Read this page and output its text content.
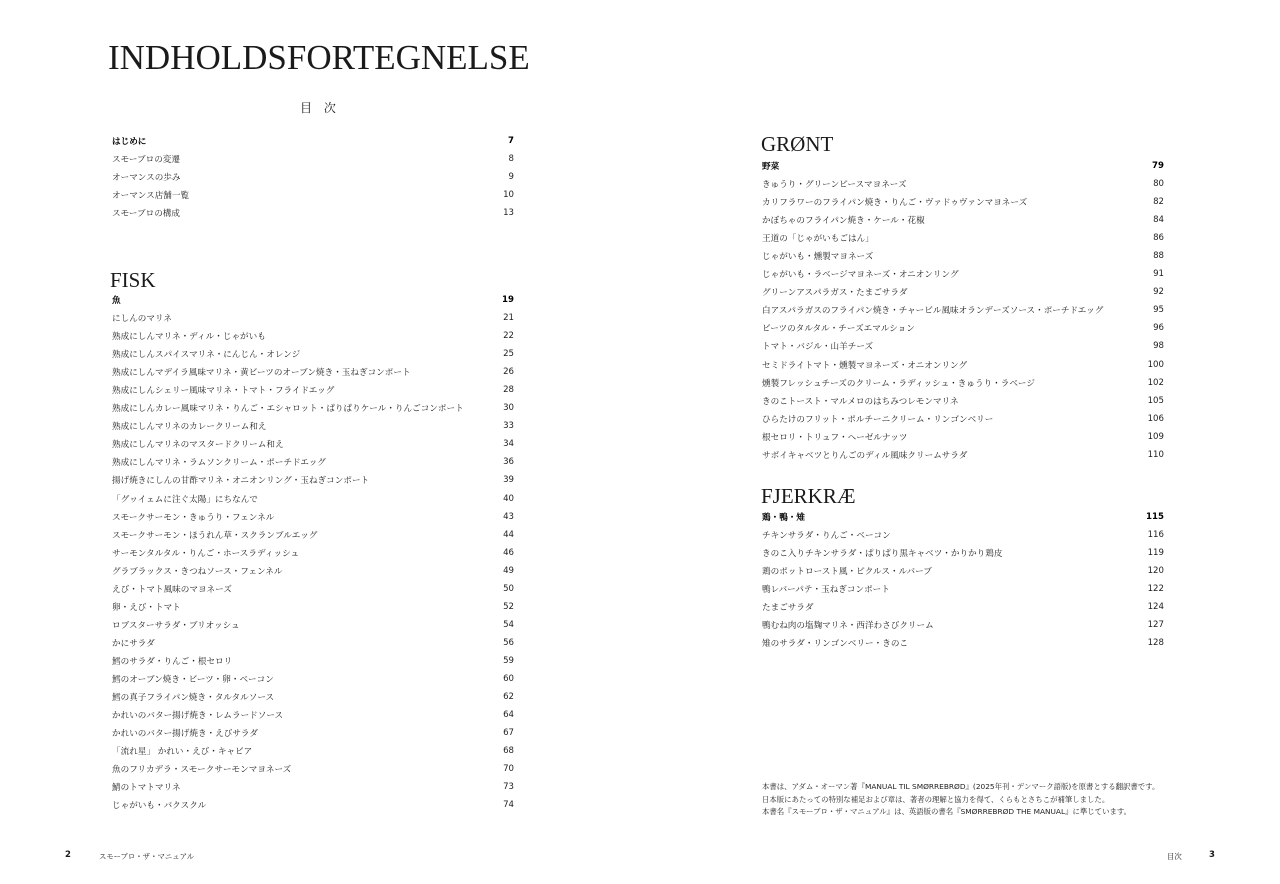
INDHOLDSFORTEGNELSE
目 次
はじめに	7
スモーブロの変遷	8
オーマンスの歩み	9
オーマンス店舗一覧	10
スモーブロの構成	13
FISK
魚	19
にしんのマリネ	21
熟成にしんマリネ・ディル・じゃがいも	22
熟成にしんスパイスマリネ・にんじん・オレンジ	25
熟成にしんマデイラ風味マリネ・黄ビーツのオーブン焼き・玉ねぎコンポート	26
熟成にしんシェリー風味マリネ・トマト・フライドエッグ	28
熟成にしんカレー風味マリネ・りんご・エシャロット・ぱりぱりケール・りんごコンポート	30
熟成にしんマリネのカレークリーム和え	33
熟成にしんマリネのマスタードクリーム和え	34
熟成にしんマリネ・ラムソンクリーム・ポーチドエッグ	36
揚げ焼きにしんの甘酢マリネ・オニオンリング・玉ねぎコンポート	39
「グヮイェムに注ぐ太陽」にちなんで	40
スモークサーモン・きゅうり・フェンネル	43
スモークサーモン・ほうれん草・スクランブルエッグ	44
サーモンタルタル・りんご・ホースラディッシュ	46
グラブラックス・きつねソース・フェンネル	49
えび・トマト風味のマヨネーズ	50
卵・えび・トマト	52
ロブスターサラダ・ブリオッシュ	54
かにサラダ	56
鱈のサラダ・りんご・根セロリ	59
鱈のオーブン焼き・ビーツ・卵・ベーコン	60
鱈の真子フライパン焼き・タルタルソース	62
かれいのバター揚げ焼き・レムラードソース	64
かれいのバター揚げ焼き・えびサラダ	67
「流れ星」 かれい・えび・キャビア	68
魚のフリカデラ・スモークサーモンマヨネーズ	70
鯖のトマトマリネ	73
じゃがいも・バクスクル	74
2	スモーブロ・ザ・マニュアル
GRØNT
野菜	79
きゅうり・グリーンピースマヨネーズ	80
カリフラワーのフライパン焼き・りんご・ヴァドゥヴァンマヨネーズ	82
かぼちゃのフライパン焼き・ケール・花椒	84
王道の「じゃがいもごはん」	86
じゃがいも・燻製マヨネーズ	88
じゃがいも・ラベージマヨネーズ・オニオンリング	91
グリーンアスパラガス・たまごサラダ	92
白アスパラガスのフライパン焼き・チャービル風味オランデーズソース・ポーチドエッグ	95
ビーツのタルタル・チーズエマルション	96
トマト・バジル・山羊チーズ	98
セミドライトマト・燻製マヨネーズ・オニオンリング	100
燻製フレッシュチーズのクリーム・ラディッシュ・きゅうり・ラベージ	102
きのこトースト・マルメロのはちみつレモンマリネ	105
ひらたけのフリット・ポルチーニクリーム・リンゴンベリー	106
根セロリ・トリュフ・ヘーゼルナッツ	109
サボイキャベツとりんごのディル風味クリームサラダ	110
FJERKRÆ
鶏・鴨・雉	115
チキンサラダ・りんご・ベーコン	116
きのこ入りチキンサラダ・ぱりぱり黒キャベツ・かりかり鶏皮	119
鶏のポットロースト風・ピクルス・ルバーブ	120
鴨レバーパテ・玉ねぎコンポート	122
たまごサラダ	124
鴨むね肉の塩麹マリネ・西洋わさびクリーム	127
雉のサラダ・リンゴンベリー・きのこ	128

本書は、アダム・オーマン著『MANUAL TIL SMØRREBRØD』(2025年刊・デンマーク語版)を原書とする翻訳書です。

日本版にあたっての特別な補足および章は、著者の理解と協力を得て、くらもとさちこが補筆しました。

本書名『スモーブロ・ザ・マニュアル』は、英語版の書名『SMØRREBRØD THE MANUAL』に準じています。

目次	3
